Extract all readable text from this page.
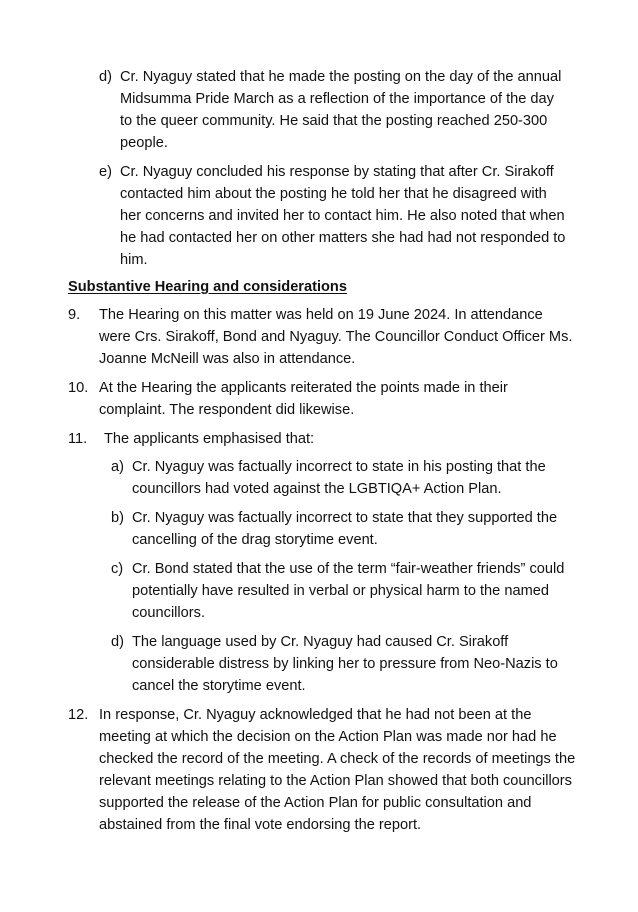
d) Cr. Nyaguy stated that he made the posting on the day of the annual Midsumma Pride March as a reflection of the importance of the day to the queer community. He said that the posting reached 250-300 people.
e) Cr. Nyaguy concluded his response by stating that after Cr. Sirakoff contacted him about the posting he told her that he disagreed with her concerns and invited her to contact him. He also noted that when he had contacted her on other matters she had had not responded to him.
Substantive Hearing and considerations
9. The Hearing on this matter was held on 19 June 2024. In attendance were Crs. Sirakoff, Bond and Nyaguy. The Councillor Conduct Officer Ms. Joanne McNeill was also in attendance.
10. At the Hearing the applicants reiterated the points made in their complaint. The respondent did likewise.
11. The applicants emphasised that:
a) Cr. Nyaguy was factually incorrect to state in his posting that the councillors had voted against the LGBTIQA+ Action Plan.
b) Cr. Nyaguy was factually incorrect to state that they supported the cancelling of the drag storytime event.
c) Cr. Bond stated that the use of the term “fair-weather friends” could potentially have resulted in verbal or physical harm to the named councillors.
d) The language used by Cr. Nyaguy had caused Cr. Sirakoff considerable distress by linking her to pressure from Neo-Nazis to cancel the storytime event.
12. In response, Cr. Nyaguy acknowledged that he had not been at the meeting at which the decision on the Action Plan was made nor had he checked the record of the meeting. A check of the records of meetings the relevant meetings relating to the Action Plan showed that both councillors supported the release of the Action Plan for public consultation and abstained from the final vote endorsing the report.
